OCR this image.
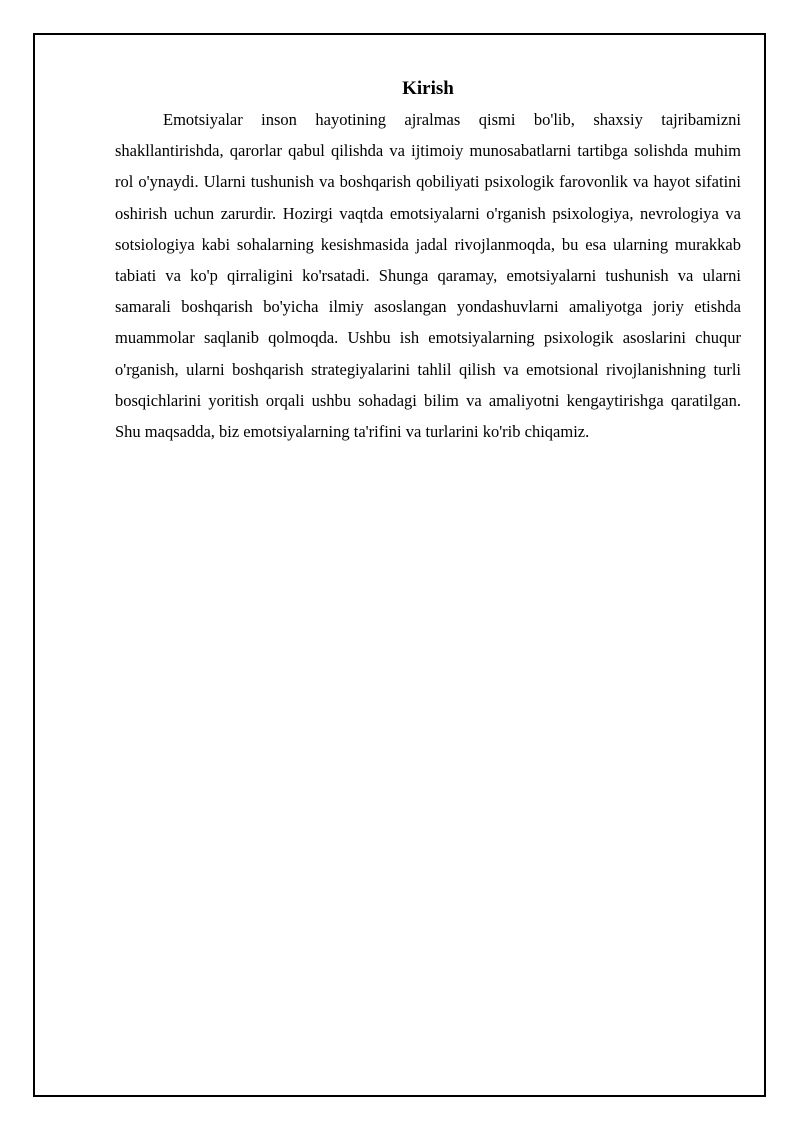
Kirish

Emotsiyalar inson hayotining ajralmas qismi bo'lib, shaxsiy tajribamizni shakllantirishda, qarorlar qabul qilishda va ijtimoiy munosabatlarni tartibga solishda muhim rol o'ynaydi. Ularni tushunish va boshqarish qobiliyati psixologik farovonlik va hayot sifatini oshirish uchun zarurdir. Hozirgi vaqtda emotsiyalarni o'rganish psixologiya, nevrologiya va sotsiologiya kabi sohalarning kesishmasida jadal rivojlanmoqda, bu esa ularning murakkab tabiati va ko'p qirraligini ko'rsatadi. Shunga qaramay, emotsiyalarni tushunish va ularni samarali boshqarish bo'yicha ilmiy asoslangan yondashuvlarni amaliyotga joriy etishda muammolar saqlanib qolmoqda. Ushbu ish emotsiyalarning psixologik asoslarini chuqur o'rganish, ularni boshqarish strategiyalarini tahlil qilish va emotsional rivojlanishning turli bosqichlarini yoritish orqali ushbu sohadagi bilim va amaliyotni kengaytirishga qaratilgan. Shu maqsadda, biz emotsiyalarning ta'rifini va turlarini ko'rib chiqamiz.
